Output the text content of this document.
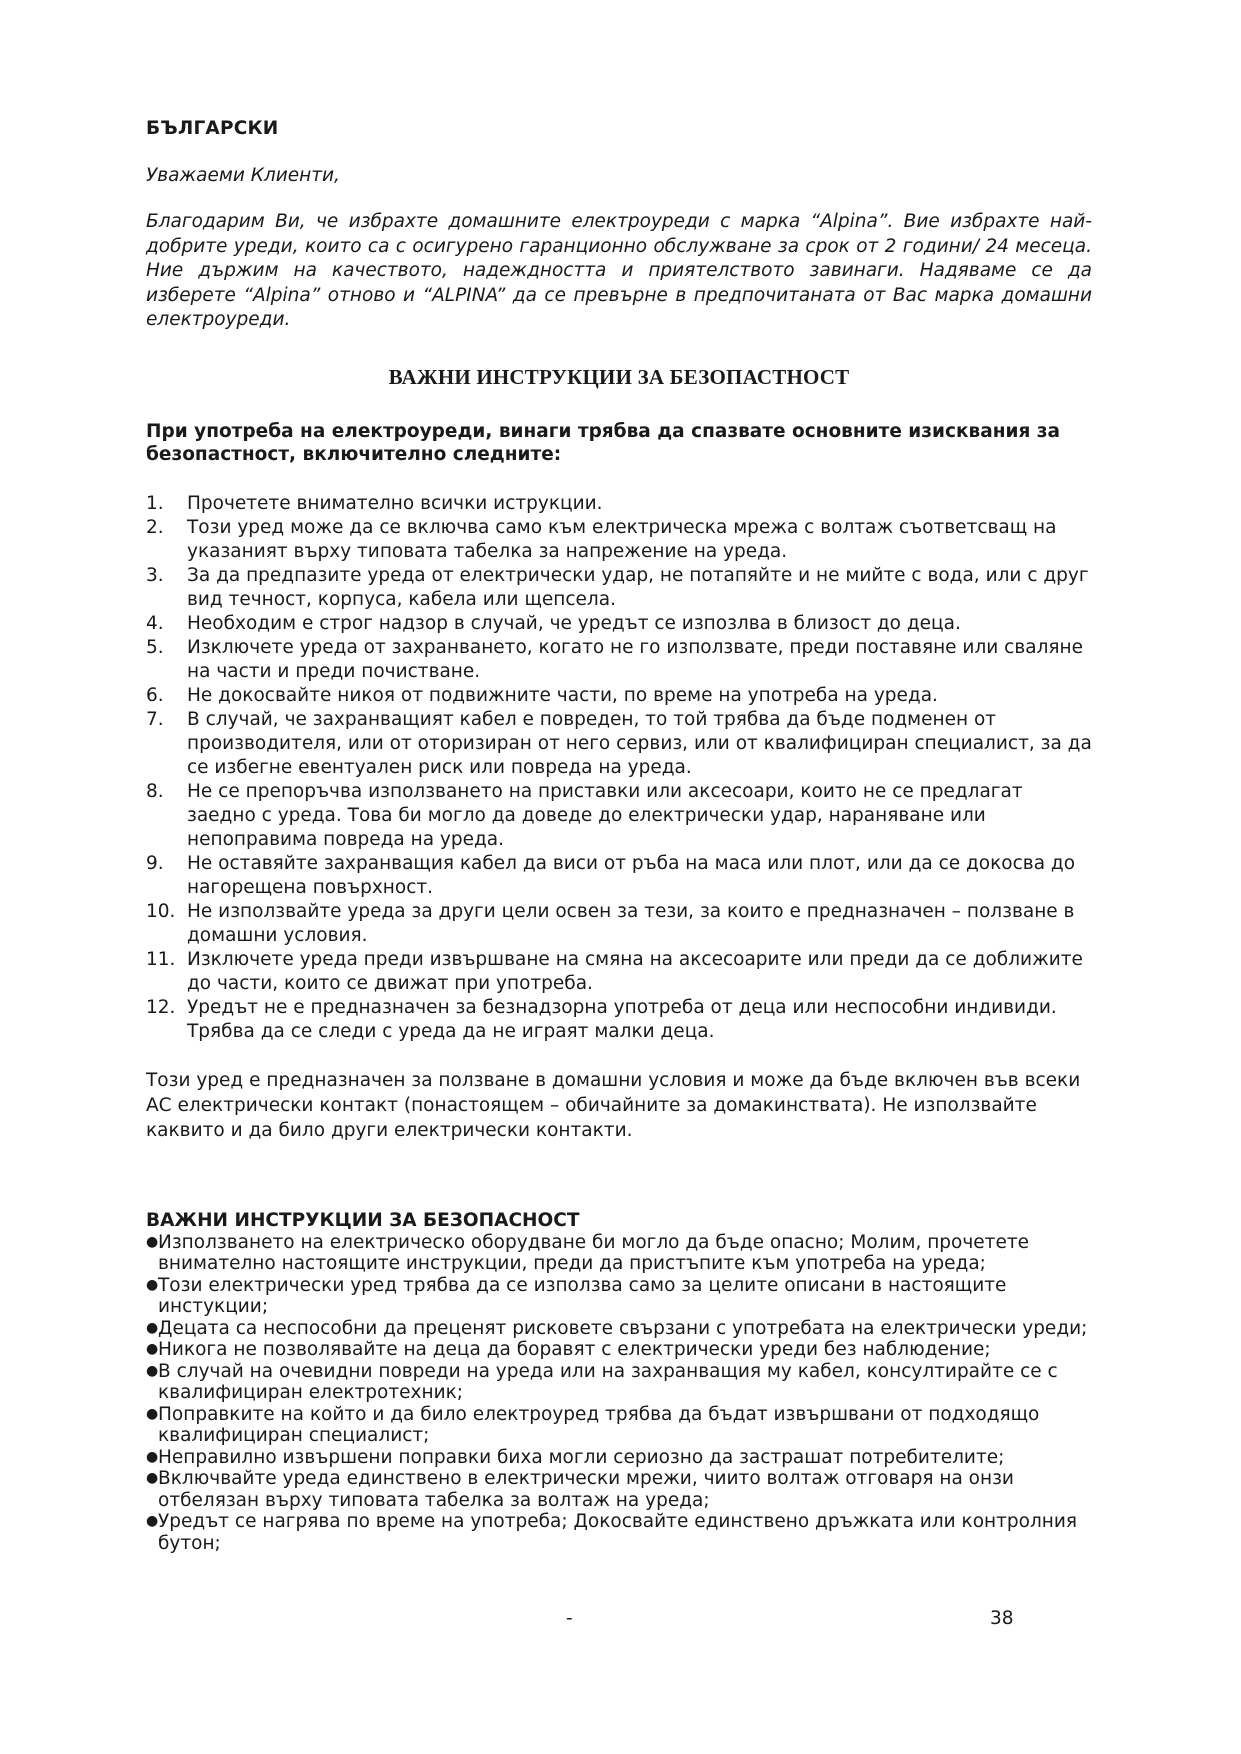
БЪЛГАРСКИ
Уважаеми Клиенти,

Благодарим Ви, че избрахте домашните електроуреди с марка “Alpina”. Вие избрахте най-добрите уреди, които са с осигурено гаранционно обслужване за срок от 2 години/ 24 месеца. Ние държим на качеството, надеждността и приятелството завинаги. Надяваме се да изберете “Alpina” отново и “ALPINA” да се превърне в предпочитаната от Вас марка домашни електроуреди.

ВАЖНИ ИНСТРУКЦИИ ЗА БЕЗОПАСТНОСТ
При употреба на електроуреди, винаги трябва да спазвате основните изисквания за безопастност, включително следните:
1.	Прочетете внимателно всички иструкции.
2.	Този уред може да се включва само към електрическа мрежа с волтаж съответсващ на указаният върху типовата табелка за напрежение на уреда.
3.	За да предпазите уреда от електрически удар, не потапяйте и не мийте с вода, или с друг вид течност, корпуса, кабела или щепсела.
4.	Необходим е строг надзор в случай, че уредът се изпозлва в близост до деца.
5.	Изключете уреда от захранването, когато не го използвате, преди поставяне или сваляне на части и преди почистване.
6.	Не докосвайте никоя от подвижните части, по време на употреба на уреда.
7.	В случай, че захранващият кабел е повреден, то той трябва да бъде подменен от производителя, или от оторизиран от него сервиз, или от квалифициран специалист, за да се избегне евентуален риск или повреда на уреда.
8.	Не се препоръчва използването на приставки или аксесоари, които не се предлагат заедно с уреда. Това би могло да доведе до електрически удар, нараняване или непоправима повреда на уреда.
9.	Не оставяйте захранващия кабел да виси от ръба на маса или плот, или да се докосва до нагорещена повърхност.
10. Не използвайте уреда за други цели освен за тези, за които е предназначен – ползване в домашни условия.
11. Изключете уреда преди извършване на смяна на аксесоарите или преди да се доближите до части, които се движат при употреба.
12. Уредът не е предназначен за безнадзорна употреба от деца или неспособни индивиди. Трябва да се следи с уреда да не играят малки деца.

Този уред е предназначен за ползване в домашни условия и може да бъде включен във всеки АС електрически контакт (понастоящем – обичайните за домакинствата). Не използвайте каквито и да било други електрически контакти.

ВАЖНИ ИНСТРУКЦИИ ЗА БЕЗОПАСНОСТ
● Използването на електрическо оборудване би могло да бъде опасно; Молим, прочетете внимателно настоящите инструкции, преди да пристъпите към употреба на уреда;
● Този електрически уред трябва да се използва само за целите описани в настоящите инстукции;
● Децата са неспособни да преценят рисковете свързани с употребата на електрически уреди;
● Никога не позволявайте на деца да боравят с електрически уреди без наблюдение;
● В случай на очевидни повреди на уреда или на захранващия му кабел, консултирайте се с квалифициран електротехник;
● Поправките на който и да било електроуред трябва да бъдат извършвани от подходящо квалифициран специалист;
● Неправилно извършени поправки биха могли сериозно да застрашат потребителите;
● Включвайте уреда единствено в електрически мрежи, чиито волтаж отговаря на онзи отбелязан върху типовата табелка за волтаж на уреда;
● Уредът се нагрява по време на употреба; Докосвайте единствено дръжката или контролния бутон;
-	38
